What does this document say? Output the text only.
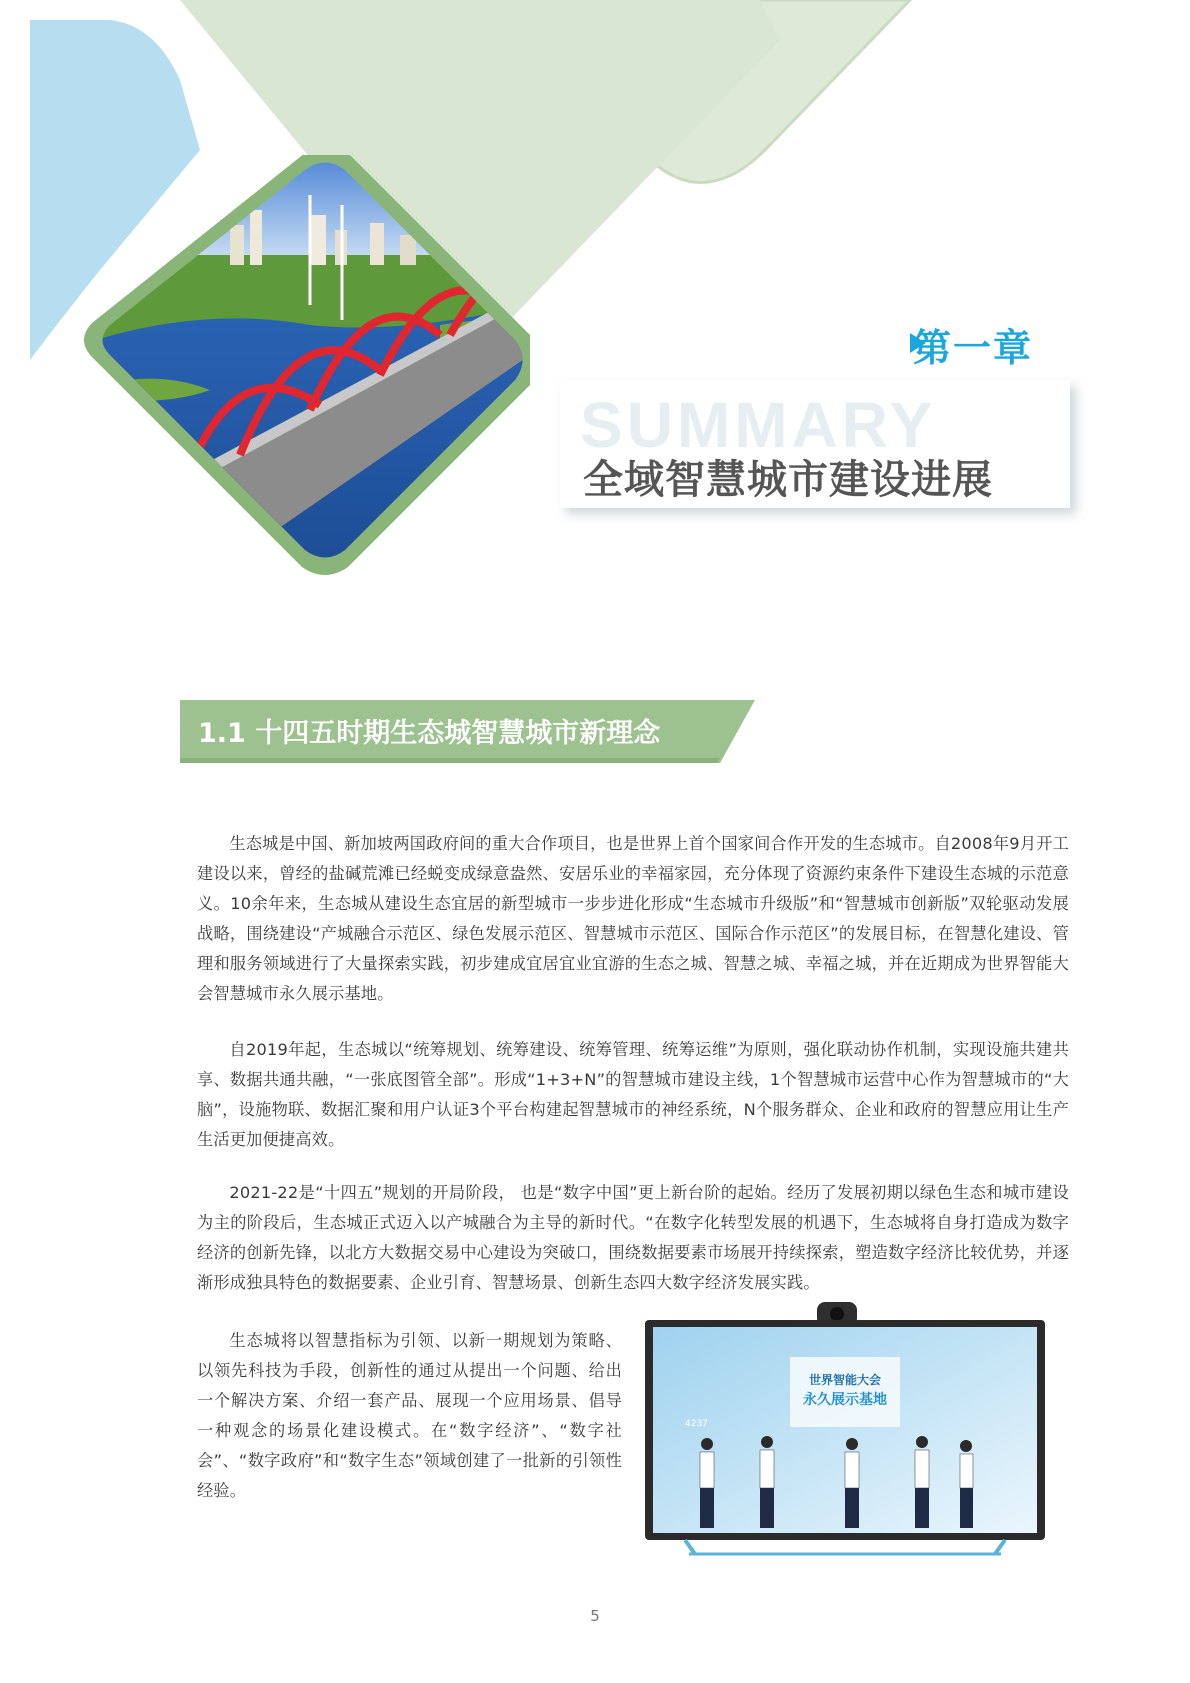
第一章
SUMMARY
全域智慧城市建设进展
1.1 十四五时期生态城智慧城市新理念

生态城是中国、新加坡两国政府间的重大合作项目，也是世界上首个国家间合作开发的生态城市。自2008年9月开工建设以来，曾经的盐碱荒滩已经蜕变成绿意盎然、安居乐业的幸福家园，充分体现了资源约束条件下建设生态城的示范意义。10余年来，生态城从建设生态宜居的新型城市一步步进化形成“生态城市升级版”和“智慧城市创新版”双轮驱动发展战略，围绕建设“产城融合示范区、绿色发展示范区、智慧城市示范区、国际合作示范区”的发展目标，在智慧化建设、管理和服务领域进行了大量探索实践，初步建成宜居宜业宜游的生态之城、智慧之城、幸福之城，并在近期成为世界智能大会智慧城市永久展示基地。

自2019年起，生态城以“统筹规划、统筹建设、统筹管理、统筹运维”为原则，强化联动协作机制，实现设施共建共享、数据共通共融，“一张底图管全部”。形成“1+3+N”的智慧城市建设主线，1个智慧城市运营中心作为智慧城市的“大脑”，设施物联、数据汇聚和用户认证3个平台构建起智慧城市的神经系统，N个服务群众、企业和政府的智慧应用让生产生活更加便捷高效。

2021-22是“十四五”规划的开局阶段， 也是“数字中国”更上新台阶的起始。经历了发展初期以绿色生态和城市建设为主的阶段后，生态城正式迈入以产城融合为主导的新时代。“在数字化转型发展的机遇下，生态城将自身打造成为数字经济的创新先锋，以北方大数据交易中心建设为突破口，围绕数据要素市场展开持续探索，塑造数字经济比较优势，并逐渐形成独具特色的数据要素、企业引育、智慧场景、创新生态四大数字经济发展实践。

生态城将以智慧指标为引领、以新一期规划为策略、以领先科技为手段，创新性的通过从提出一个问题、给出一个解决方案、介绍一套产品、展现一个应用场景、倡导一种观念的场景化建设模式。在“数字经济”、“数字社会”、“数字政府”和“数字生态”领域创建了一批新的引领性经验。

世界智能大会
永久展示基地
4237
5
